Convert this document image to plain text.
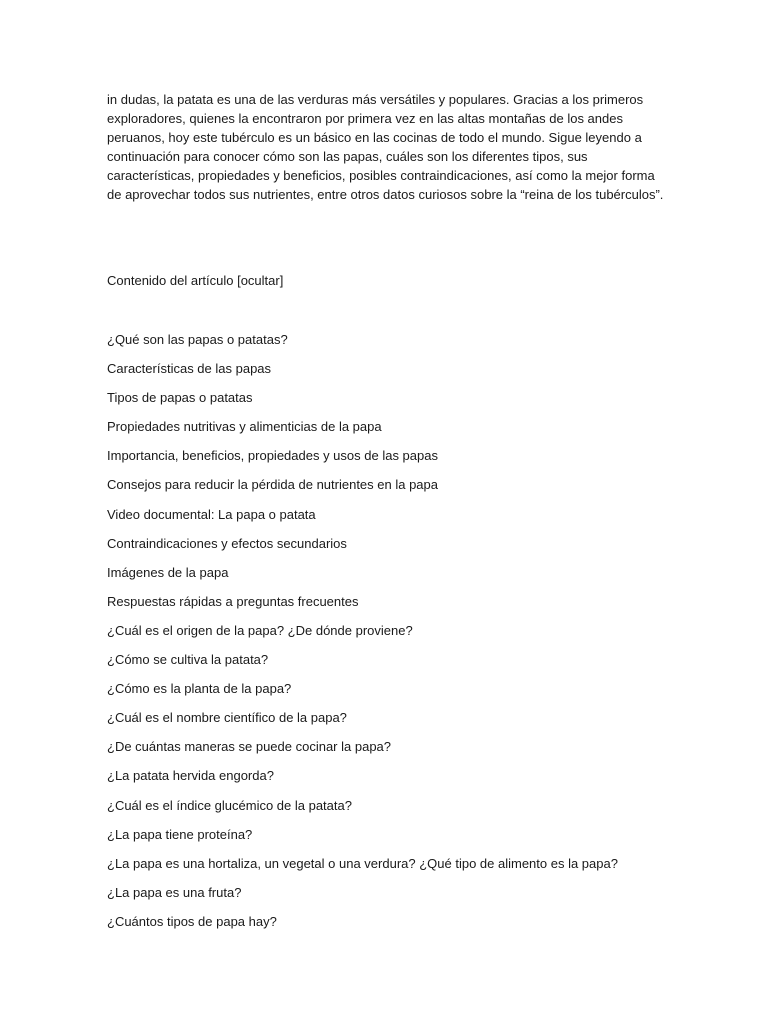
in dudas, la patata es una de las verduras más versátiles y populares. Gracias a los primeros exploradores, quienes la encontraron por primera vez en las altas montañas de los andes peruanos, hoy este tubérculo es un básico en las cocinas de todo el mundo. Sigue leyendo a continuación para conocer cómo son las papas, cuáles son los diferentes tipos, sus características, propiedades y beneficios, posibles contraindicaciones, así como la mejor forma de aprovechar todos sus nutrientes, entre otros datos curiosos sobre la “reina de los tubérculos”.

Contenido del artículo [ocultar]

¿Qué son las papas o patatas?
Características de las papas
Tipos de papas o patatas
Propiedades nutritivas y alimenticias de la papa
Importancia, beneficios, propiedades y usos de las papas
Consejos para reducir la pérdida de nutrientes en la papa
Video documental: La papa o patata
Contraindicaciones y efectos secundarios
Imágenes de la papa
Respuestas rápidas a preguntas frecuentes
¿Cuál es el origen de la papa? ¿De dónde proviene?
¿Cómo se cultiva la patata?
¿Cómo es la planta de la papa?
¿Cuál es el nombre científico de la papa?
¿De cuántas maneras se puede cocinar la papa?
¿La patata hervida engorda?
¿Cuál es el índice glucémico de la patata?
¿La papa tiene proteína?
¿La papa es una hortaliza, un vegetal o una verdura? ¿Qué tipo de alimento es la papa?
¿La papa es una fruta?
¿Cuántos tipos de papa hay?
